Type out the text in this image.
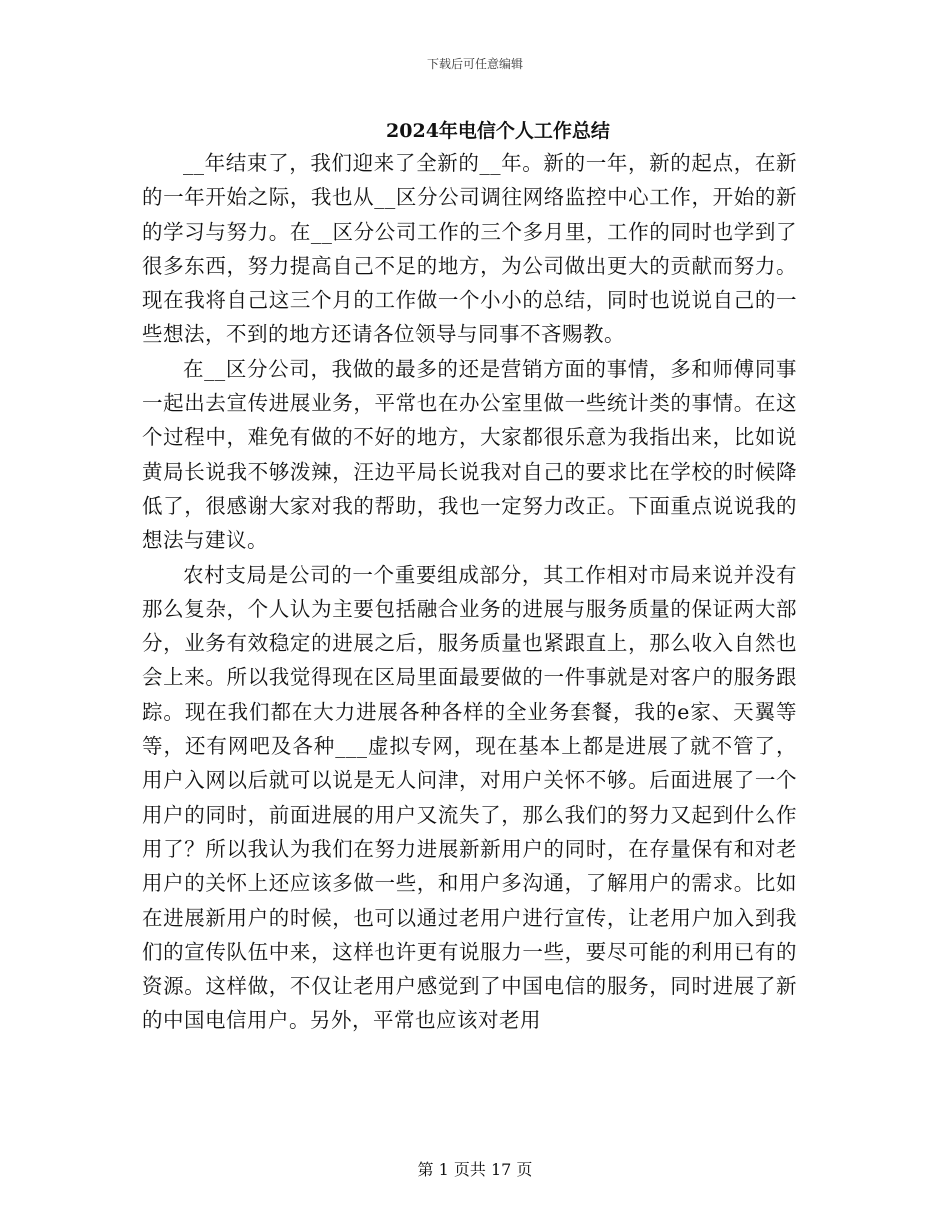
下载后可任意编辑
2024年电信个人工作总结

__年结束了，我们迎来了全新的__年。新的一年，新的起点，在新的一年开始之际，我也从__区分公司调往网络监控中心工作，开始的新的学习与努力。在__区分公司工作的三个多月里，工作的同时也学到了很多东西，努力提高自己不足的地方，为公司做出更大的贡献而努力。现在我将自己这三个月的工作做一个小小的总结，同时也说说自己的一些想法，不到的地方还请各位领导与同事不吝赐教。

在__区分公司，我做的最多的还是营销方面的事情，多和师傅同事一起出去宣传进展业务，平常也在办公室里做一些统计类的事情。在这个过程中，难免有做的不好的地方，大家都很乐意为我指出来，比如说黄局长说我不够泼辣，汪边平局长说我对自己的要求比在学校的时候降低了，很感谢大家对我的帮助，我也一定努力改正。下面重点说说我的想法与建议。

农村支局是公司的一个重要组成部分，其工作相对市局来说并没有那么复杂，个人认为主要包括融合业务的进展与服务质量的保证两大部分，业务有效稳定的进展之后，服务质量也紧跟直上，那么收入自然也会上来。所以我觉得现在区局里面最要做的一件事就是对客户的服务跟踪。现在我们都在大力进展各种各样的全业务套餐，我的e家、天翼等等，还有网吧及各种___虚拟专网，现在基本上都是进展了就不管了，用户入网以后就可以说是无人问津，对用户关怀不够。后面进展了一个用户的同时，前面进展的用户又流失了，那么我们的努力又起到什么作用了？所以我认为我们在努力进展新新用户的同时，在存量保有和对老用户的关怀上还应该多做一些，和用户多沟通，了解用户的需求。比如在进展新用户的时候，也可以通过老用户进行宣传，让老用户加入到我们的宣传队伍中来，这样也许更有说服力一些，要尽可能的利用已有的资源。这样做，不仅让老用户感觉到了中国电信的服务，同时进展了新的中国电信用户。另外，平常也应该对老用

第 1 页共 17 页
